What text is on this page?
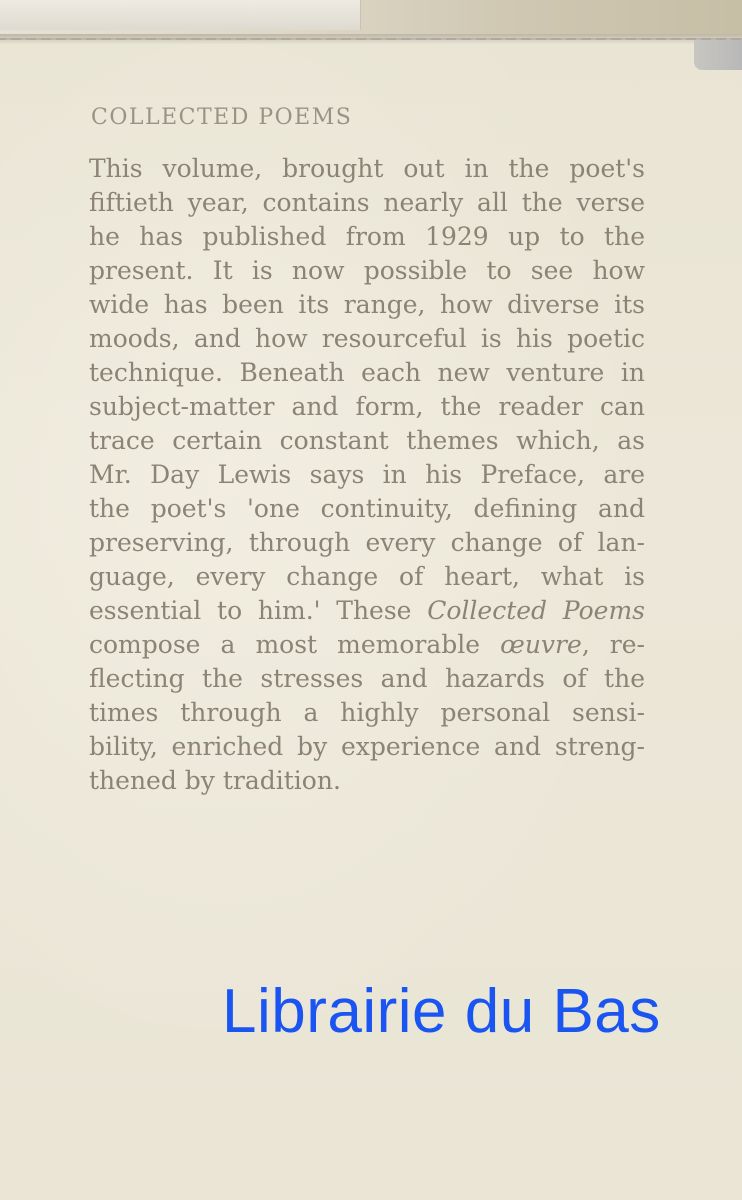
COLLECTED POEMS

This volume, brought out in the poet's
fiftieth year, contains nearly all the verse
he has published from 1929 up to the
present. It is now possible to see how
wide has been its range, how diverse its
moods, and how resourceful is his poetic
technique. Beneath each new venture in
subject-matter and form, the reader can
trace certain constant themes which, as
Mr. Day Lewis says in his Preface, are
the poet's 'one continuity, defining and
preserving, through every change of lan-
guage, every change of heart, what is
essential to him.' These Collected Poems
compose a most memorable œuvre, re-
flecting the stresses and hazards of the
times through a highly personal sensi-
bility, enriched by experience and streng-
thened by tradition.

Librairie du Bas
